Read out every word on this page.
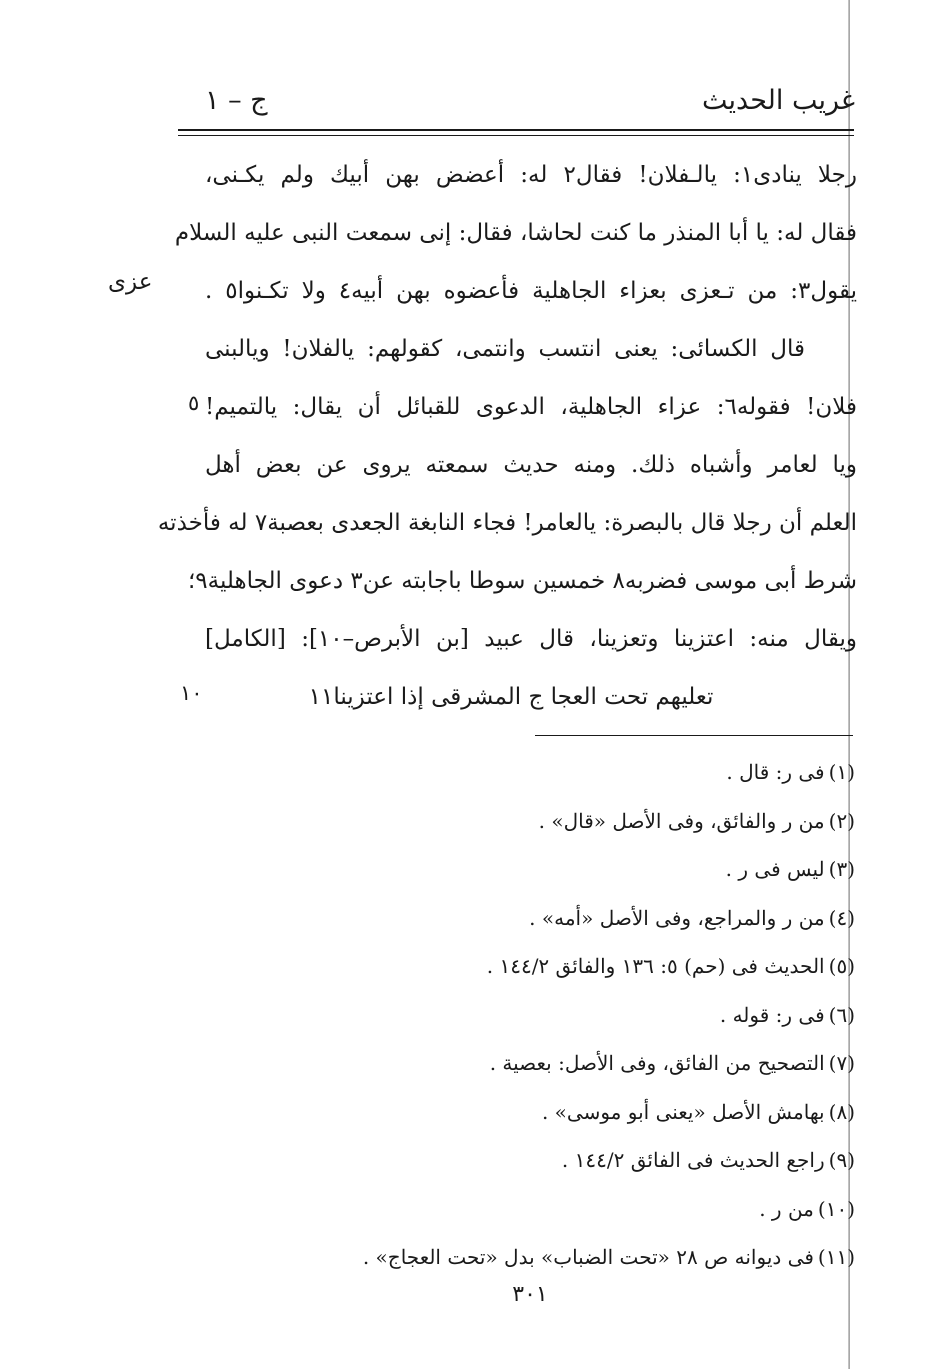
غريب الحديث
ج – ١
رجلا ينادى١: يالـفلان! فقال٢ له: أعضض بهن أبيك ولم يكـنى،
فقال له: يا أبا المنذر ما كنت لحاشا، فقال: إنى سمعت النبى عليه السلام
يقول٣: من تـعزى بعزاء الجاهلية فأعضوه بهن أبيه٤ ولا تكـنوا٥ .
قال الكسائى: يعنى انتسب وانتمى، كقولهم: يالفلان! ويالبنى
فلان! فقوله٦: عزاء الجاهلية، الدعوى للقبائل أن يقال: يالتميم!
ويا لعامر وأشباه ذلك. ومنه حديث سمعته يروى عن بعض أهل
العلم أن رجلا قال بالبصرة: يالعامر! فجاء النابغة الجعدى بعصبة٧ له فأخذته
شرط أبى موسى فضربه٨ خمسين سوطا باجابته عن٣ دعوى الجاهلية٩؛
ويقال منه: اعتزينا وتعزينا، قال عبيد [بن الأبرص–١٠]: [الكامل]
تعليهم تحت العجا ج المشرقى إذا اعتزينا١١
عزى
٥
١٠
(١)فى ر: قال .
(٢)من ر والفائق، وفى الأصل «قال» .
(٣)ليس فى ر .
(٤)من ر والمراجع، وفى الأصل «أمه» .
(٥)الحديث فى (حم) ٥: ١٣٦ والفائق ١٤٤/٢ .
(٦)فى ر: قوله .
(٧)التصحيح من الفائق، وفى الأصل: بعصية .
(٨)بهامش الأصل «يعنى أبو موسى» .
(٩)راجع الحديث فى الفائق ١٤٤/٢ .
(١٠)من ر .
(١١)فى ديوانه ص ٢٨ «تحت الضباب» بدل «تحت العجاج» .
٣٠١
